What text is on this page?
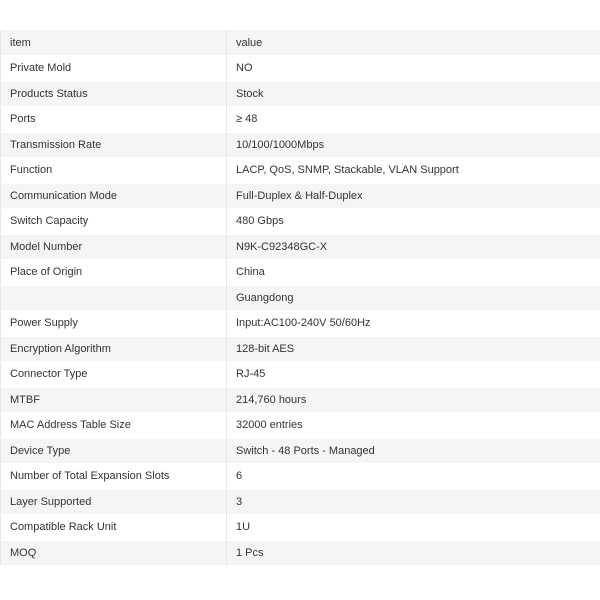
item	value
Private Mold	NO
Products Status	Stock
Ports	≥ 48
Transmission Rate	10/100/1000Mbps
Function	LACP, QoS, SNMP, Stackable, VLAN Support
Communication Mode	Full-Duplex & Half-Duplex
Switch Capacity	480 Gbps
Model Number	N9K-C92348GC-X
Place of Origin	China
	Guangdong
Power Supply	Input:AC100-240V 50/60Hz
Encryption Algorithm	128-bit AES
Connector Type	RJ-45
MTBF	214,760 hours
MAC Address Table Size	32000 entries
Device Type	Switch - 48 Ports - Managed
Number of Total Expansion Slots	6
Layer Supported	3
Compatible Rack Unit	1U
MOQ	1 Pcs
